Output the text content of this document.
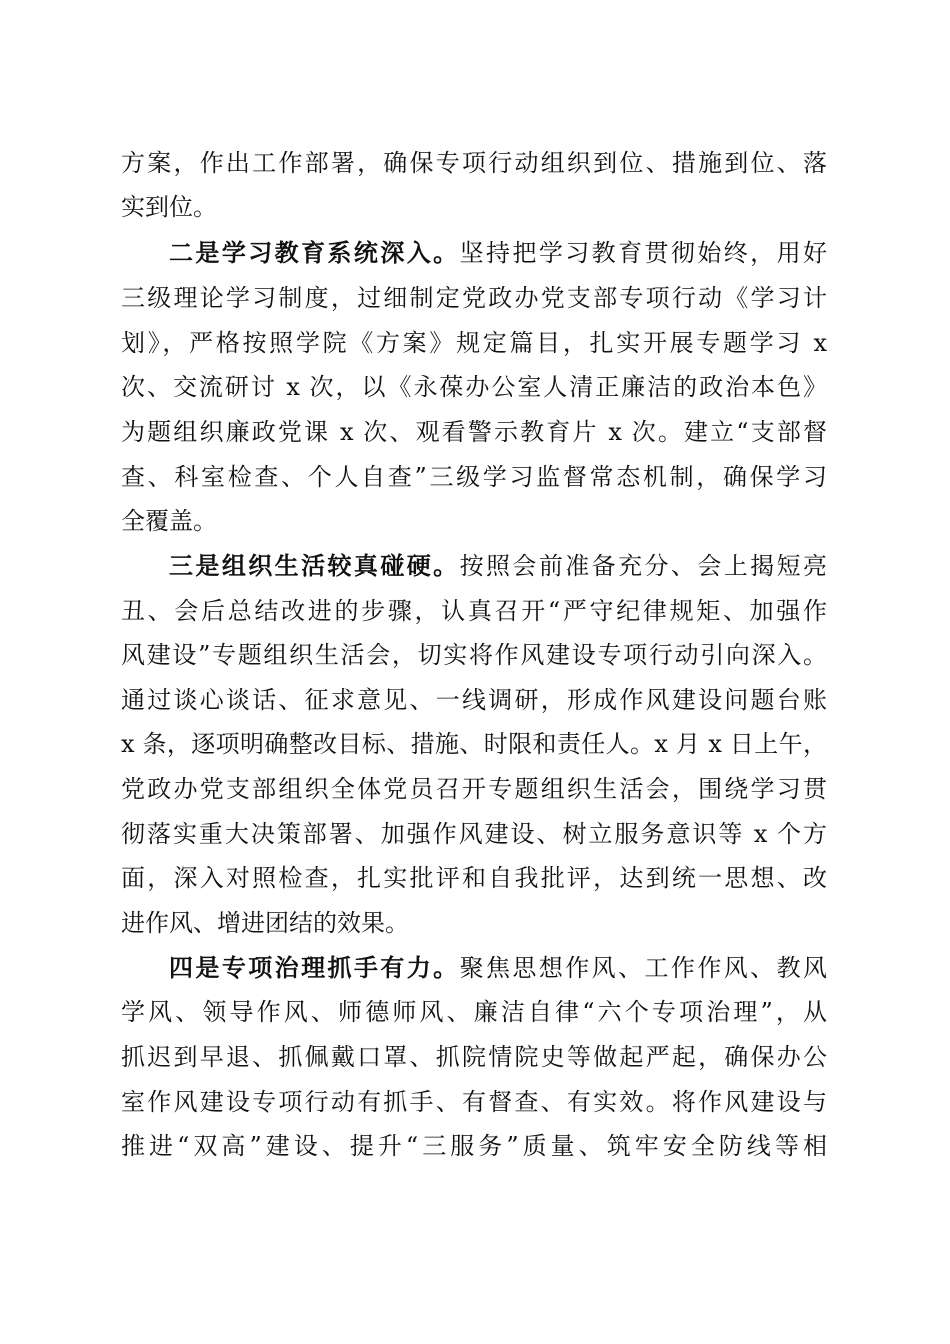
方案，作出工作部署，确保专项行动组织到位、措施到位、落
实到位。
二是学习教育系统深入。坚持把学习教育贯彻始终，用好
三级理论学习制度，过细制定党政办党支部专项行动《学习计
划》，严格按照学院《方案》规定篇目，扎实开展专题学习 x
次、交流研讨 x 次，以《永葆办公室人清正廉洁的政治本色》
为题组织廉政党课 x 次、观看警示教育片 x 次。建立“支部督
查、科室检查、个人自查”三级学习监督常态机制，确保学习
全覆盖。
三是组织生活较真碰硬。按照会前准备充分、会上揭短亮
丑、会后总结改进的步骤，认真召开“严守纪律规矩、加强作
风建设”专题组织生活会，切实将作风建设专项行动引向深入。
通过谈心谈话、征求意见、一线调研，形成作风建设问题台账
x 条，逐项明确整改目标、措施、时限和责任人。x 月 x 日上午，
党政办党支部组织全体党员召开专题组织生活会，围绕学习贯
彻落实重大决策部署、加强作风建设、树立服务意识等 x 个方
面，深入对照检查，扎实批评和自我批评，达到统一思想、改
进作风、增进团结的效果。
四是专项治理抓手有力。聚焦思想作风、工作作风、教风
学风、领导作风、师德师风、廉洁自律“六个专项治理”，从
抓迟到早退、抓佩戴口罩、抓院情院史等做起严起，确保办公
室作风建设专项行动有抓手、有督查、有实效。将作风建设与
推进“双高”建设、提升“三服务”质量、筑牢安全防线等相
